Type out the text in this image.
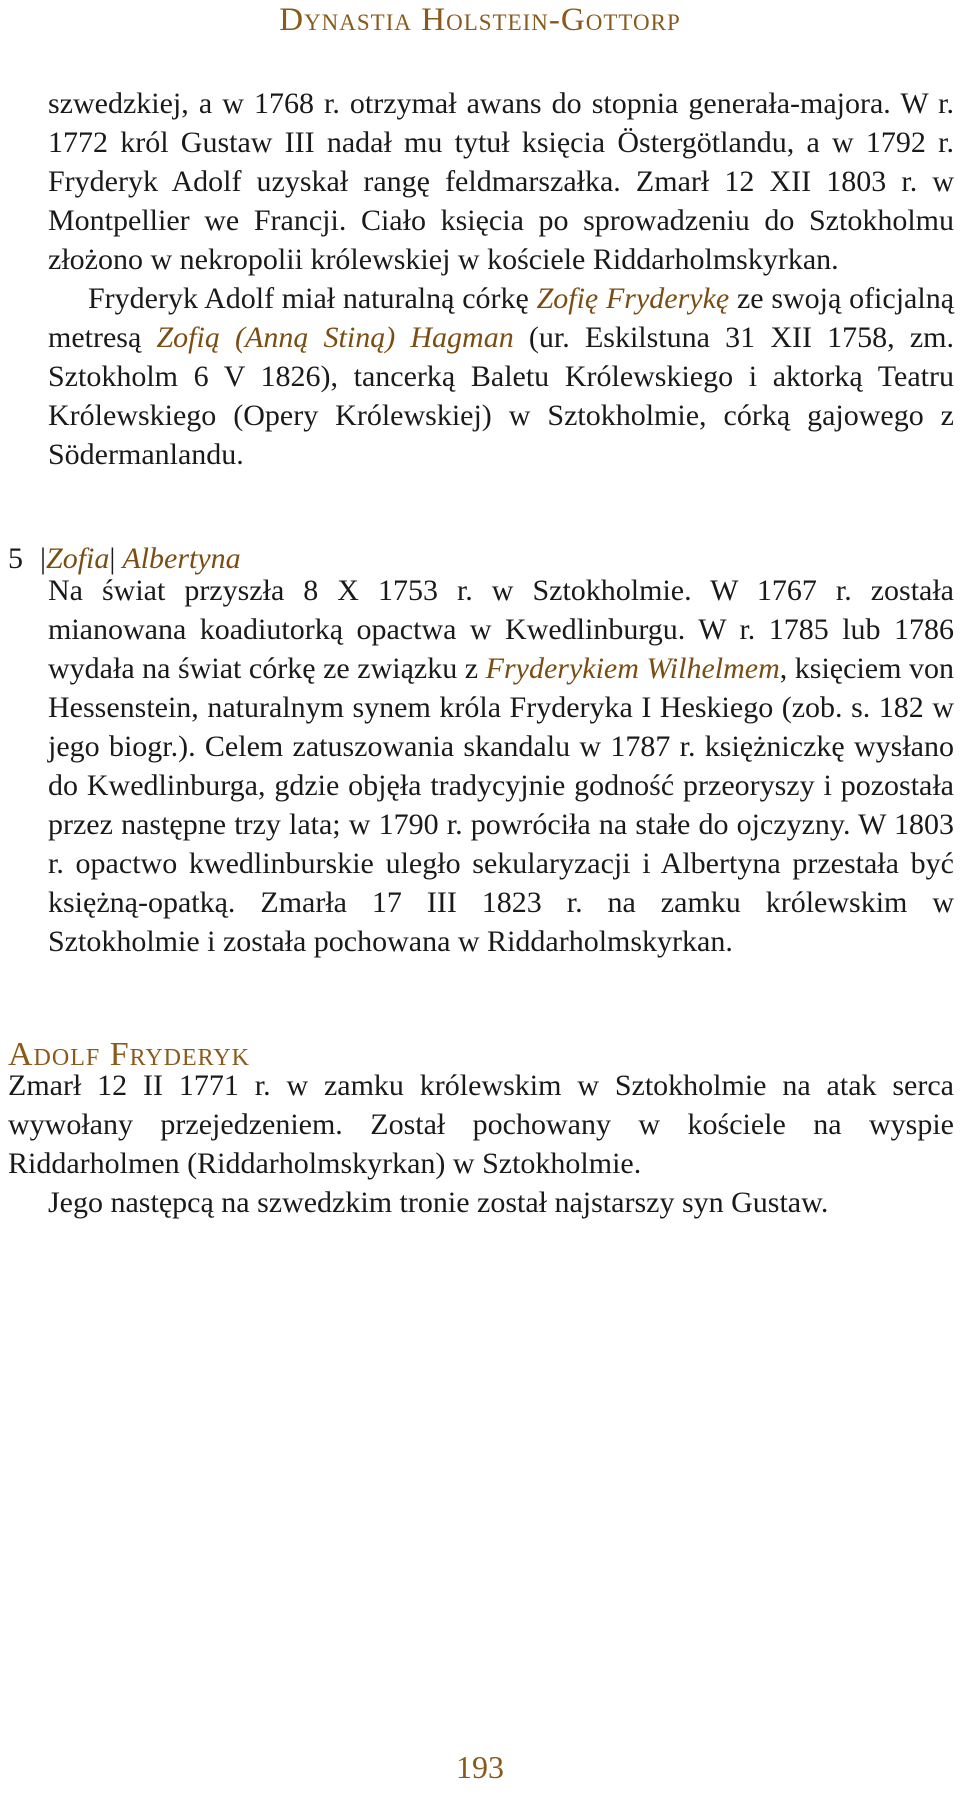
Dynastia Holstein-Gottorp

szwedzkiej, a w 1768 r. otrzymał awans do stopnia generała-majora. W r. 1772 król Gustaw III nadał mu tytuł księcia Östergötlandu, a w 1792 r. Fryderyk Adolf uzyskał rangę feldmarszałka. Zmarł 12 XII 1803 r. w Montpellier we Francji. Ciało księcia po sprowadzeniu do Sztokholmu złożono w nekropolii królewskiej w kościele Riddarholmskyrkan.

Fryderyk Adolf miał naturalną córkę Zofię Fryderykę ze swoją oficjalną metresą Zofią (Anną Stiną) Hagman (ur. Eskilstuna 31 XII 1758, zm. Sztokholm 6 V 1826), tancerką Baletu Królewskiego i aktorką Teatru Królewskiego (Opery Królewskiej) w Sztokholmie, córką gajowego z Södermanlandu.

5 |Zofia| Albertyna

Na świat przyszła 8 X 1753 r. w Sztokholmie. W 1767 r. została mianowana koadiutorką opactwa w Kwedlinburgu. W r. 1785 lub 1786 wydała na świat córkę ze związku z Fryderykiem Wilhelmem, księciem von Hessenstein, naturalnym synem króla Fryderyka I Heskiego (zob. s. 182 w jego biogr.). Celem zatuszowania skandalu w 1787 r. księżniczkę wysłano do Kwedlinburga, gdzie objęła tradycyjnie godność przeoryszy i pozostała przez następne trzy lata; w 1790 r. powróciła na stałe do ojczyzny. W 1803 r. opactwo kwedlinburskie uległo sekularyzacji i Albertyna przestała być księżną-opatką. Zmarła 17 III 1823 r. na zamku królewskim w Sztokholmie i została pochowana w Riddarholmskyrkan.

Adolf Fryderyk

Zmarł 12 II 1771 r. w zamku królewskim w Sztokholmie na atak serca wywołany przejedzeniem. Został pochowany w kościele na wyspie Riddarholmen (Riddarholmskyrkan) w Sztokholmie.

Jego następcą na szwedzkim tronie został najstarszy syn Gustaw.

193
